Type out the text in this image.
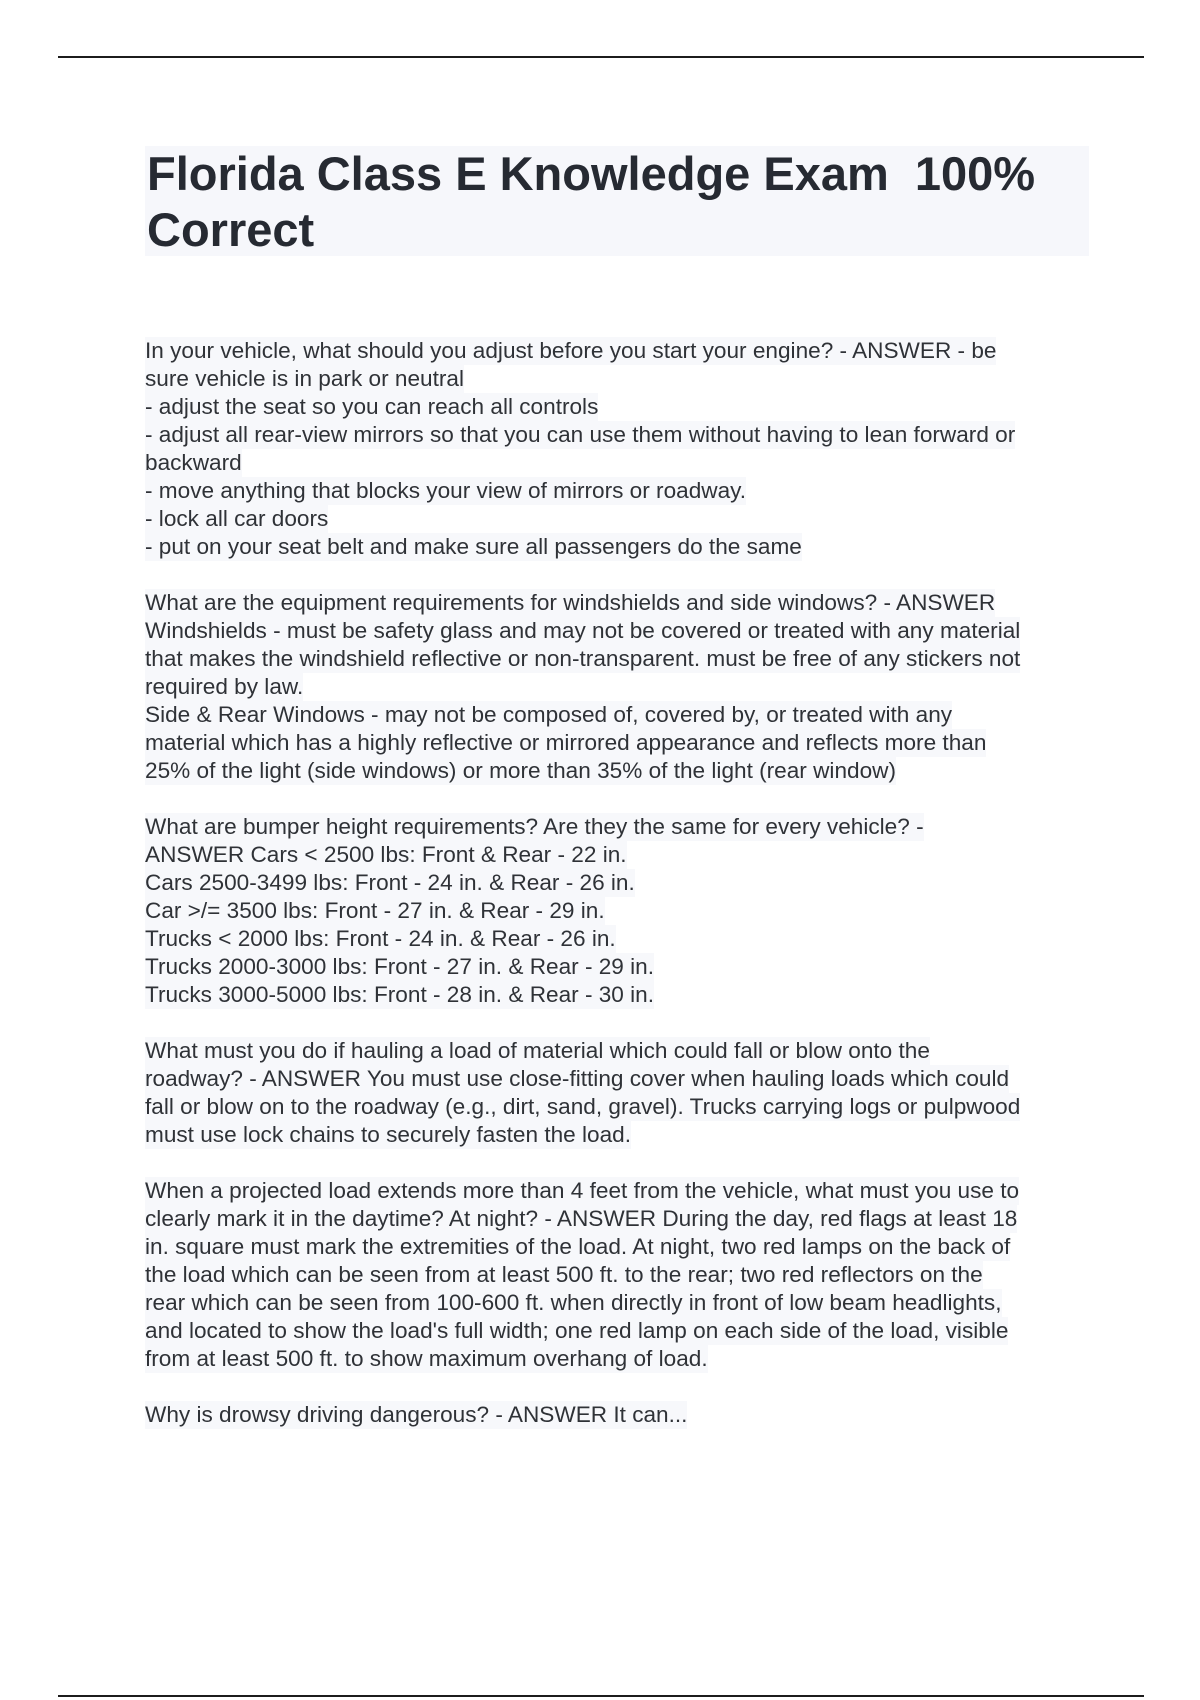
Florida Class E Knowledge Exam  100%
Correct
In your vehicle, what should you adjust before you start your engine? - ANSWER - be
sure vehicle is in park or neutral
- adjust the seat so you can reach all controls
- adjust all rear-view mirrors so that you can use them without having to lean forward or
backward
- move anything that blocks your view of mirrors or roadway.
- lock all car doors
- put on your seat belt and make sure all passengers do the same
What are the equipment requirements for windshields and side windows? - ANSWER
Windshields - must be safety glass and may not be covered or treated with any material
that makes the windshield reflective or non-transparent. must be free of any stickers not
required by law.
Side & Rear Windows - may not be composed of, covered by, or treated with any
material which has a highly reflective or mirrored appearance and reflects more than
25% of the light (side windows) or more than 35% of the light (rear window)
What are bumper height requirements? Are they the same for every vehicle? -
ANSWER Cars < 2500 lbs: Front & Rear - 22 in.
Cars 2500-3499 lbs: Front - 24 in. & Rear - 26 in.
Car >/= 3500 lbs: Front - 27 in. & Rear - 29 in.
Trucks < 2000 lbs: Front - 24 in. & Rear - 26 in.
Trucks 2000-3000 lbs: Front - 27 in. & Rear - 29 in.
Trucks 3000-5000 lbs: Front - 28 in. & Rear - 30 in.
What must you do if hauling a load of material which could fall or blow onto the
roadway? - ANSWER You must use close-fitting cover when hauling loads which could
fall or blow on to the roadway (e.g., dirt, sand, gravel). Trucks carrying logs or pulpwood
must use lock chains to securely fasten the load.
When a projected load extends more than 4 feet from the vehicle, what must you use to
clearly mark it in the daytime? At night? - ANSWER During the day, red flags at least 18
in. square must mark the extremities of the load. At night, two red lamps on the back of
the load which can be seen from at least 500 ft. to the rear; two red reflectors on the
rear which can be seen from 100-600 ft. when directly in front of low beam headlights,
and located to show the load's full width; one red lamp on each side of the load, visible
from at least 500 ft. to show maximum overhang of load.
Why is drowsy driving dangerous? - ANSWER It can...
